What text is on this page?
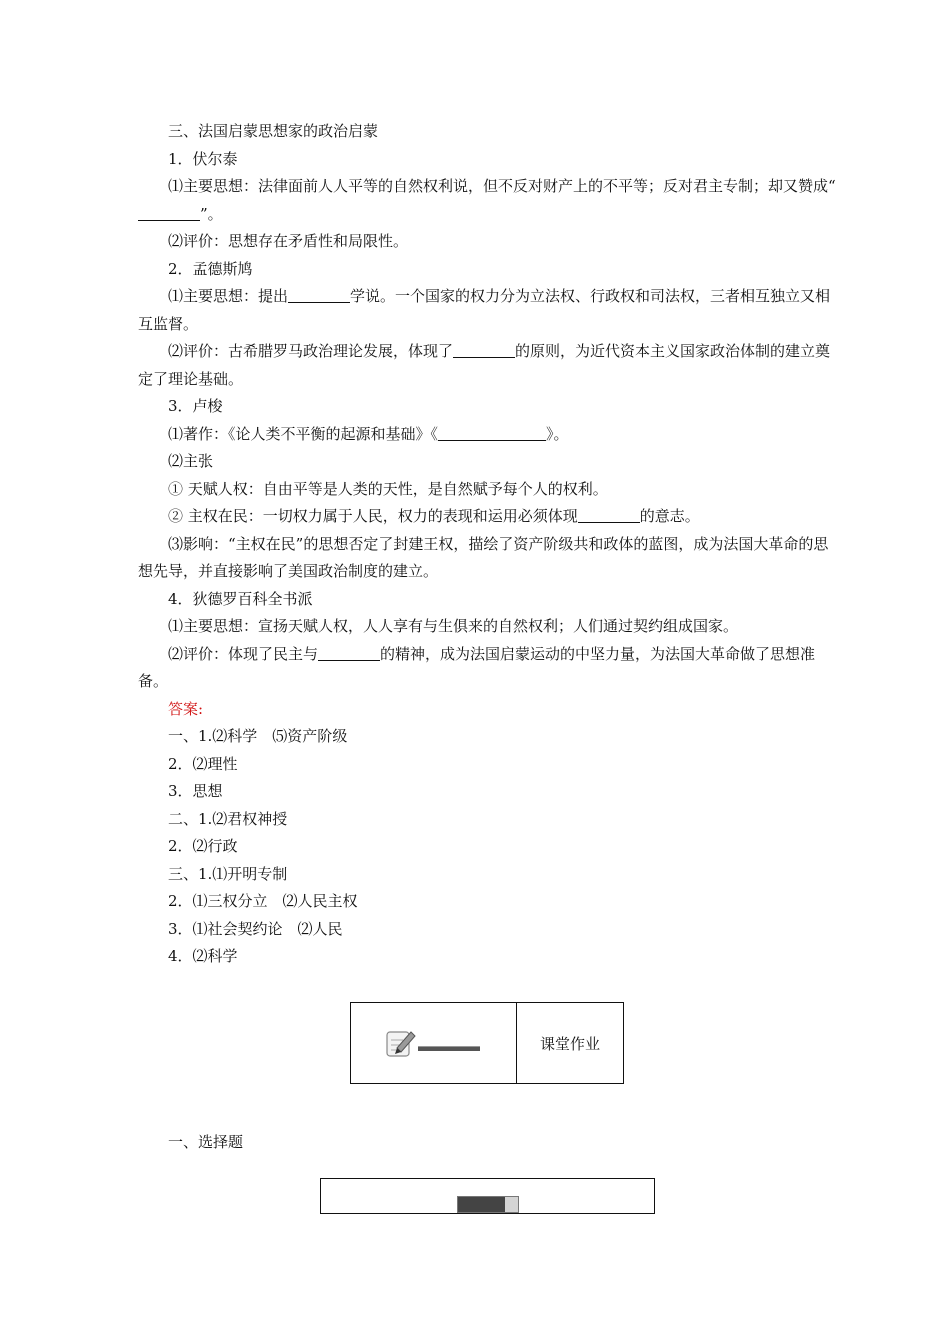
三、法国启蒙思想家的政治启蒙

1．伏尔泰

⑴主要思想：法律面前人人平等的自然权利说，但不反对财产上的不平等；反对君主专制；却又赞成“”。

⑵评价：思想存在矛盾性和局限性。

2．孟德斯鸠

⑴主要思想：提出	学说。一个国家的权力分为立法权、行政权和司法权，三者相互独立又相互监督。

⑵评价：古希腊罗马政治理论发展，体现了	的原则，为近代资本主义国家政治体制的建立奠定了理论基础。

3．卢梭

⑴著作：《论人类不平衡的起源和基础》《	》。

⑵主张

① 天赋人权：自由平等是人类的天性，是自然赋予每个人的权利。

② 主权在民：一切权力属于人民，权力的表现和运用必须体现	的意志。

⑶影响：“主权在民”的思想否定了封建王权，描绘了资产阶级共和政体的蓝图，成为法国大革命的思想先导，并直接影响了美国政治制度的建立。

4．狄德罗百科全书派

⑴主要思想：宣扬天赋人权，人人享有与生俱来的自然权利；人们通过契约组成国家。

⑵评价：体现了民主与	的精神，成为法国启蒙运动的中坚力量，为法国大革命做了思想准备。

答案:

一、1.⑵科学　⑸资产阶级

2．⑵理性

3．思想

二、1.⑵君权神授

2．⑵行政

三、1.⑴开明专制

2．⑴三权分立　⑵人民主权

3．⑴社会契约论　⑵人民

4．⑵科学

课堂作业
一、选择题
